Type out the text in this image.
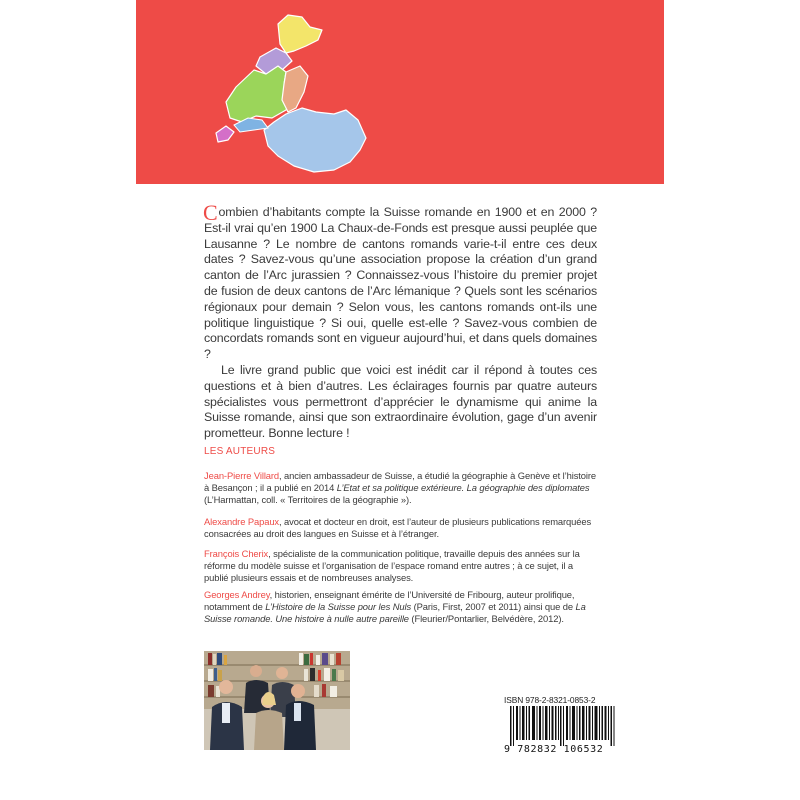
Combien d’habitants compte la Suisse romande en 1900 et en 2000 ? Est-il vrai qu’en 1900 La Chaux-de-Fonds est presque aussi peuplée que Lausanne ? Le nombre de cantons romands varie-t-il entre ces deux dates ? Savez-vous qu’une association propose la création d’un grand canton de l’Arc jurassien ? Connaissez-vous l’histoire du premier projet de fusion de deux cantons de l’Arc lémanique ? Quels sont les scénarios régionaux pour demain ? Selon vous, les cantons romands ont-ils une politique linguistique ? Si oui, quelle est-elle ? Savez-vous combien de concordats romands sont en vigueur aujourd’hui, et dans quels domaines ?

Le livre grand public que voici est inédit car il répond à toutes ces questions et à bien d’autres. Les éclairages fournis par quatre auteurs spécialistes vous permettront d’apprécier le dynamisme qui anime la Suisse romande, ainsi que son extraordinaire évolution, gage d’un avenir prometteur. Bonne lecture !

LES AUTEURS

Jean-Pierre Villard, ancien ambassadeur de Suisse, a étudié la géographie à Genève et l’histoire à Besançon ; il a publié en 2014 L’Etat et sa politique extérieure. La géographie des diplomates (L’Harmattan, coll. « Territoires de la géographie »).

Alexandre Papaux, avocat et docteur en droit, est l’auteur de plusieurs publications remarquées consacrées au droit des langues en Suisse et à l’étranger.

François Cherix, spécialiste de la communication politique, travaille depuis des années sur la réforme du modèle suisse et l’organisation de l’espace romand entre autres ; à ce sujet, il a publié plusieurs essais et de nombreuses analyses.

Georges Andrey, historien, enseignant émérite de l’Université de Fribourg, auteur prolifique, notamment de L’Histoire de la Suisse pour les Nuls (Paris, First, 2007 et 2011) ainsi que de La Suisse romande. Une histoire à nulle autre pareille (Fleurier/Pontarlier, Belvédère, 2012).

ISBN 978-2-8321-0853-2

9 782832 106532
